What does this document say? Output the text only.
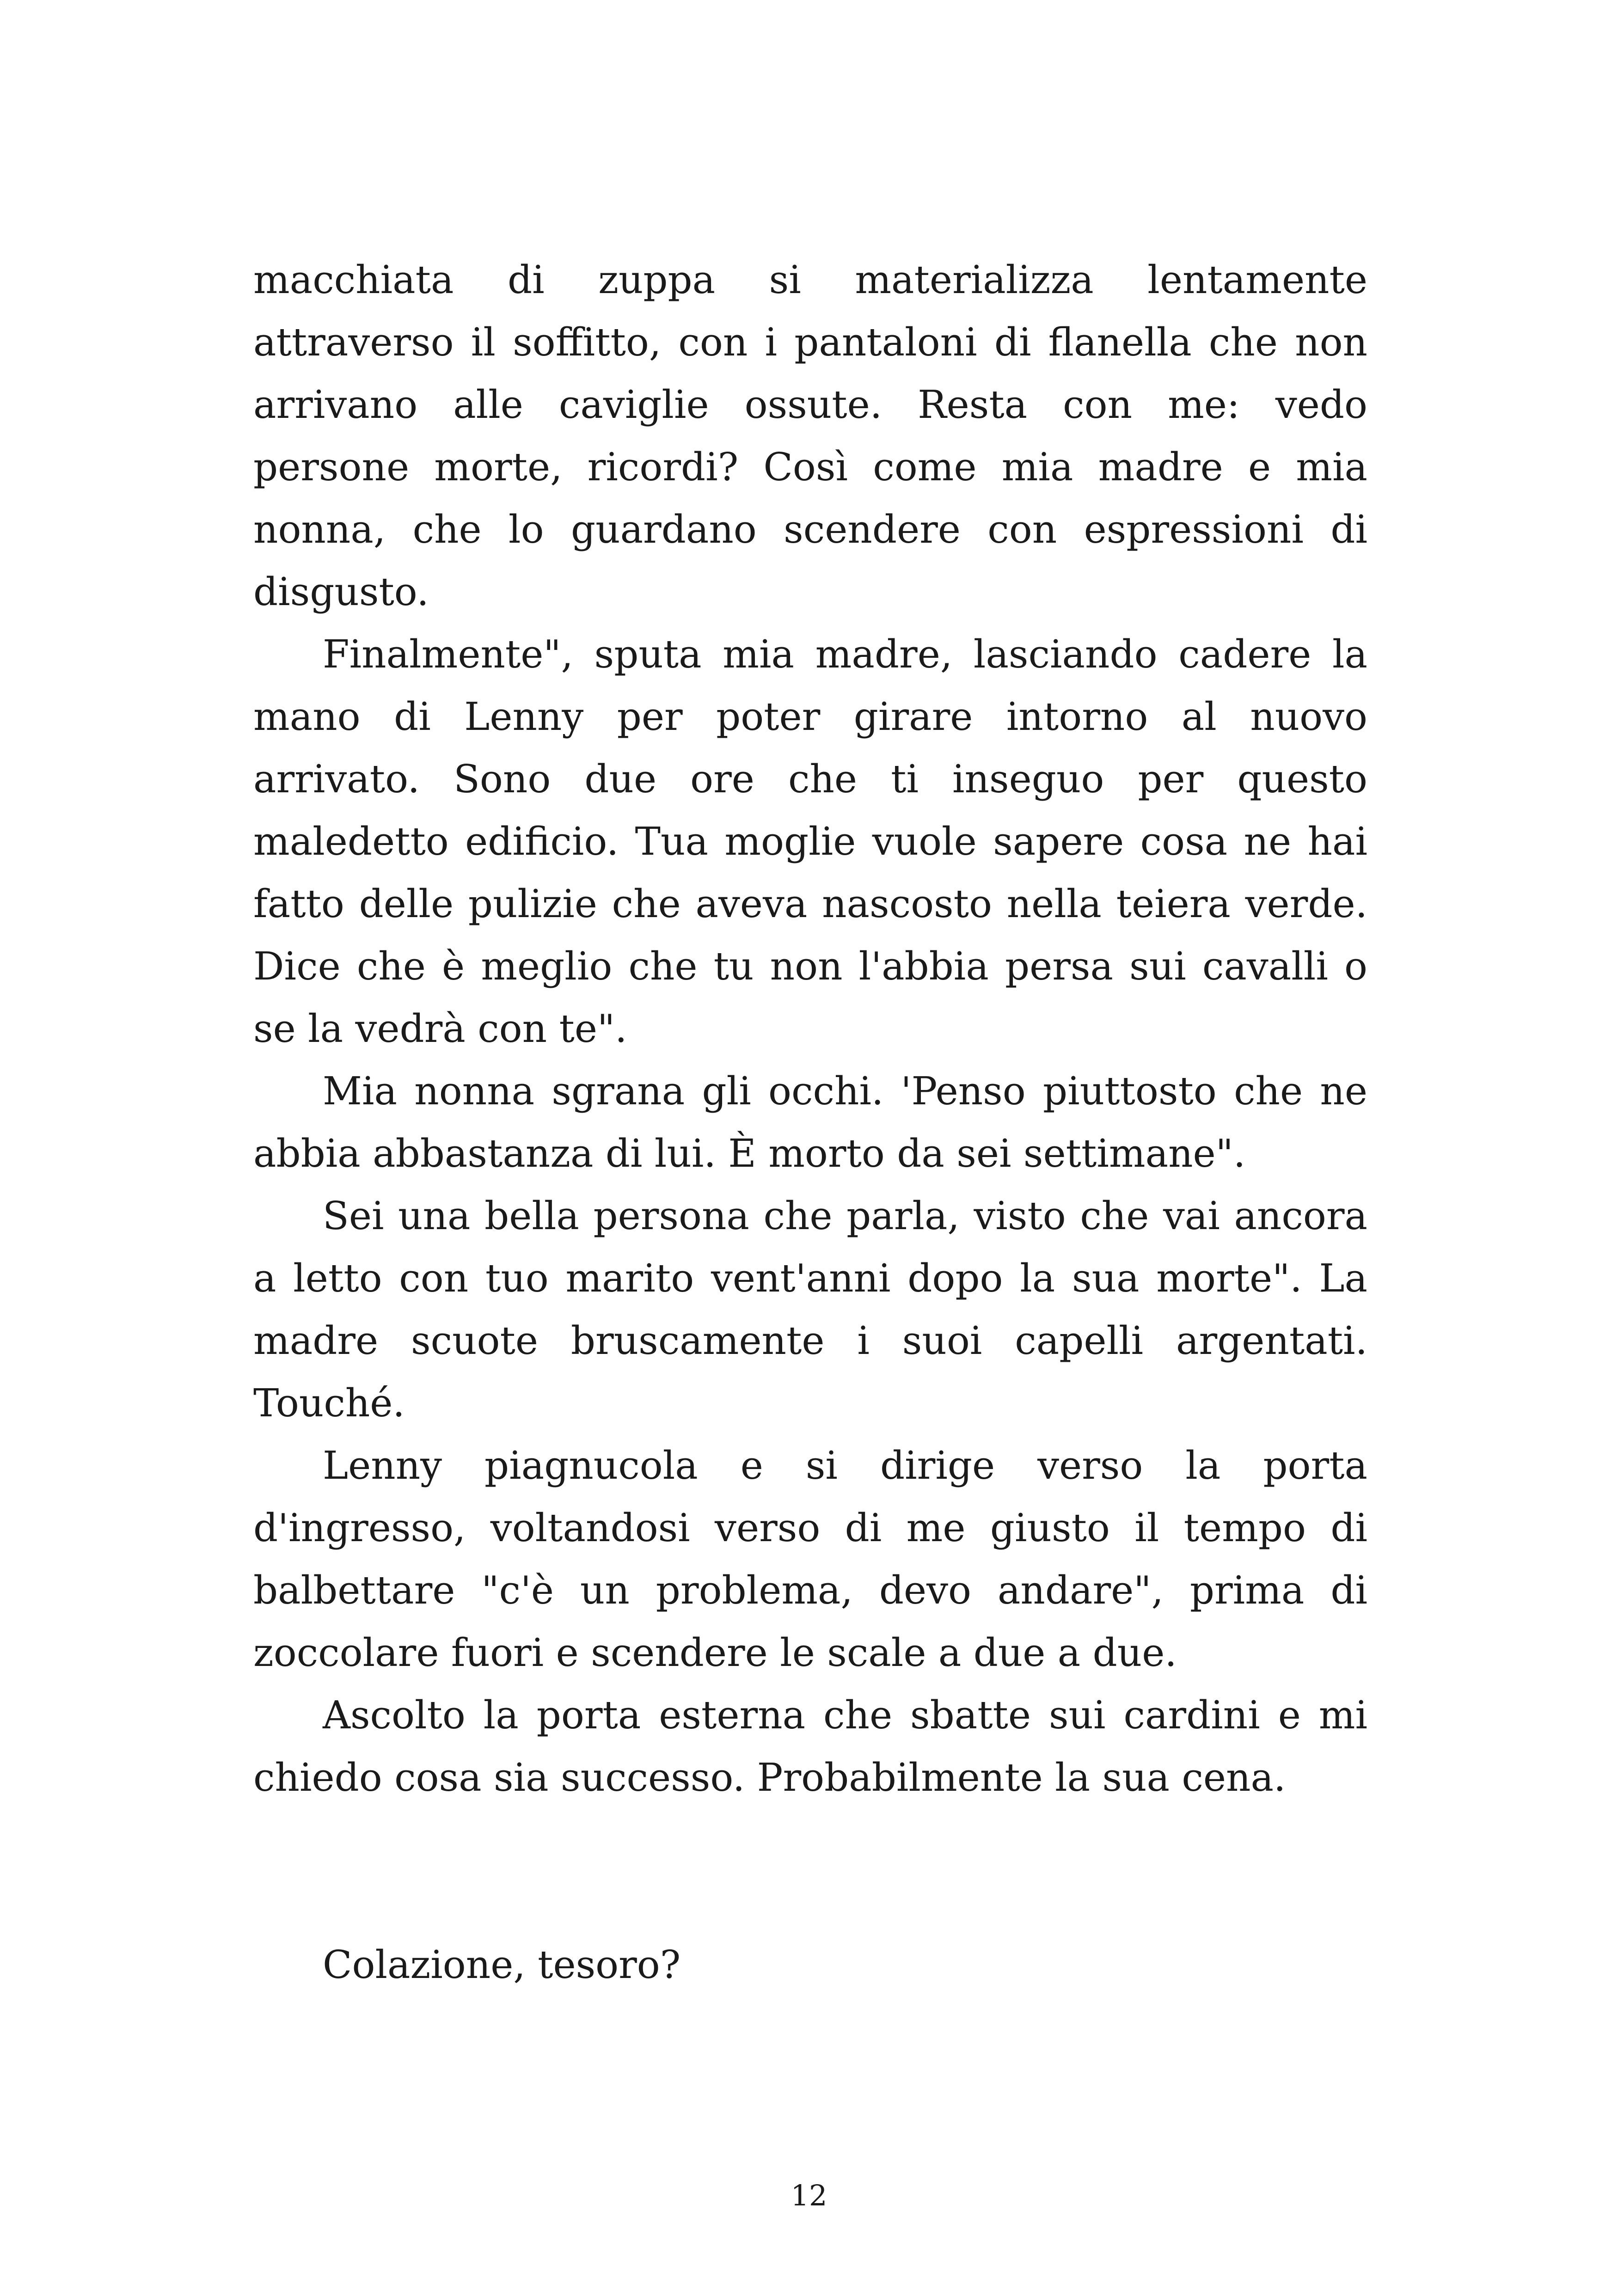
macchiata di zuppa si materializza lentamente attraverso il soffitto, con i pantaloni di flanella che non arrivano alle caviglie ossute. Resta con me: vedo persone morte, ricordi? Così come mia madre e mia nonna, che lo guardano scendere con espressioni di disgusto.

Finalmente", sputa mia madre, lasciando cadere la mano di Lenny per poter girare intorno al nuovo arrivato. Sono due ore che ti inseguo per questo maledetto edificio. Tua moglie vuole sapere cosa ne hai fatto delle pulizie che aveva nascosto nella teiera verde. Dice che è meglio che tu non l'abbia persa sui cavalli o se la vedrà con te".

Mia nonna sgrana gli occhi. 'Penso piuttosto che ne abbia abbastanza di lui. È morto da sei settimane".

Sei una bella persona che parla, visto che vai ancora a letto con tuo marito vent'anni dopo la sua morte". La madre scuote bruscamente i suoi capelli argentati. Touché.

Lenny piagnucola e si dirige verso la porta d'ingresso, voltandosi verso di me giusto il tempo di balbettare "c'è un problema, devo andare", prima di zoccolare fuori e scendere le scale a due a due.

Ascolto la porta esterna che sbatte sui cardini e mi chiedo cosa sia successo. Probabilmente la sua cena.

Colazione, tesoro?

12
